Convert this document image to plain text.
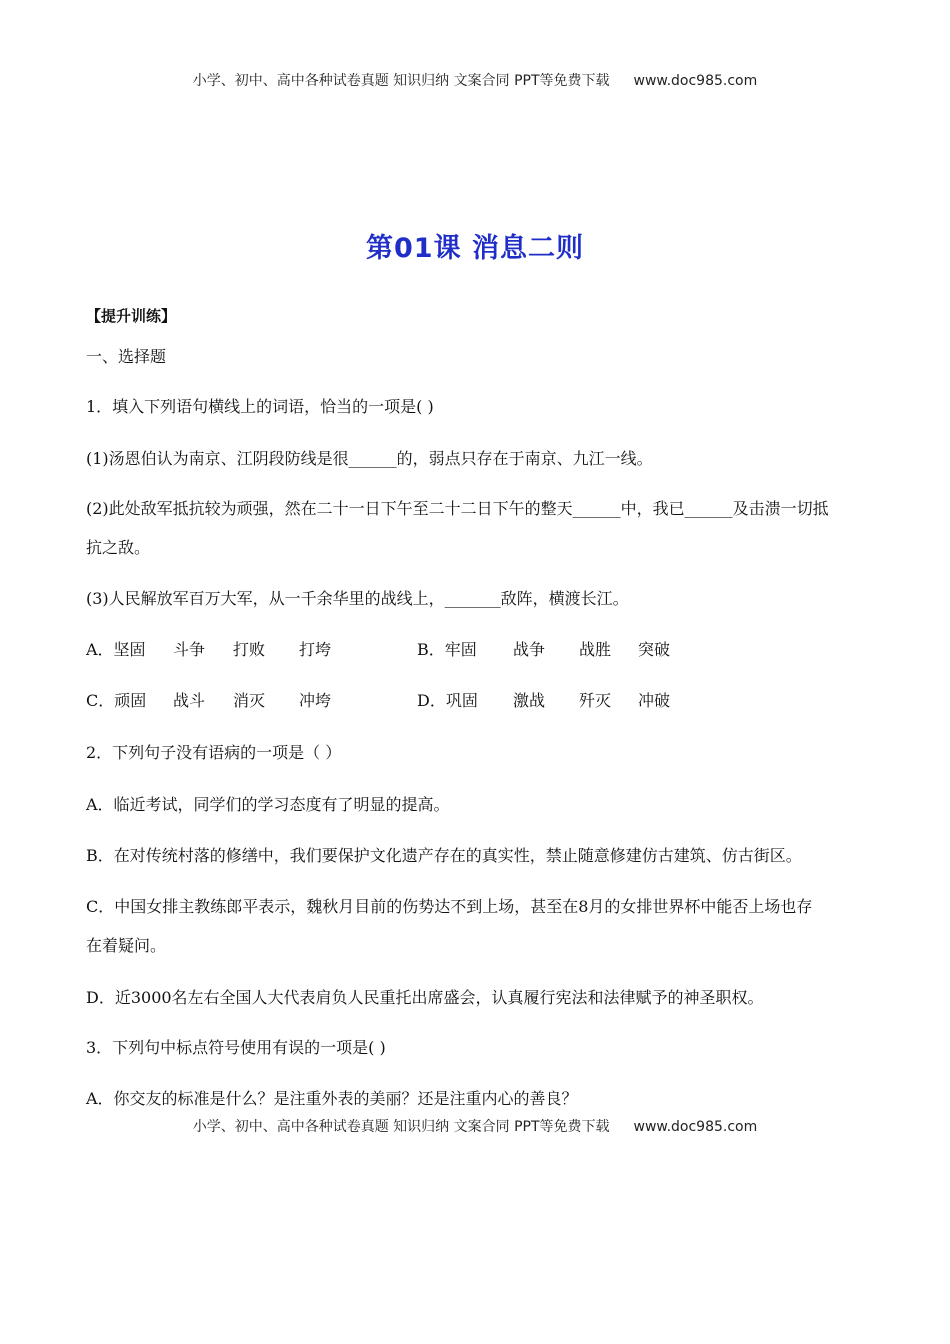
小学、初中、高中各种试卷真题 知识归纳 文案合同 PPT等免费下载 www.doc985.com
第01课 消息二则
【提升训练】
一、选择题
1．填入下列语句横线上的词语，恰当的一项是( )
(1)汤恩伯认为南京、江阴段防线是很______的，弱点只存在于南京、九江一线。
(2)此处敌军抵抗较为顽强，然在二十一日下午至二十二日下午的整天______中，我已______及击溃一切抵
抗之敌。
(3)人民解放军百万大军，从一千余华里的战线上，_______敌阵，横渡长江。
A．坚固 斗争 打败 打垮	B．牢固 战争 战胜 突破
C．顽固 战斗 消灭 冲垮	D．巩固 激战 歼灭 冲破
2．下列句子没有语病的一项是（ ）
A．临近考试，同学们的学习态度有了明显的提高。
B．在对传统村落的修缮中，我们要保护文化遗产存在的真实性，禁止随意修建仿古建筑、仿古街区。
C．中国女排主教练郎平表示，魏秋月目前的伤势达不到上场，甚至在8月的女排世界杯中能否上场也存
在着疑问。
D．近3000名左右全国人大代表肩负人民重托出席盛会，认真履行宪法和法律赋予的神圣职权。
3．下列句中标点符号使用有误的一项是( )
A．你交友的标准是什么？是注重外表的美丽？还是注重内心的善良？
小学、初中、高中各种试卷真题 知识归纳 文案合同 PPT等免费下载 www.doc985.com
